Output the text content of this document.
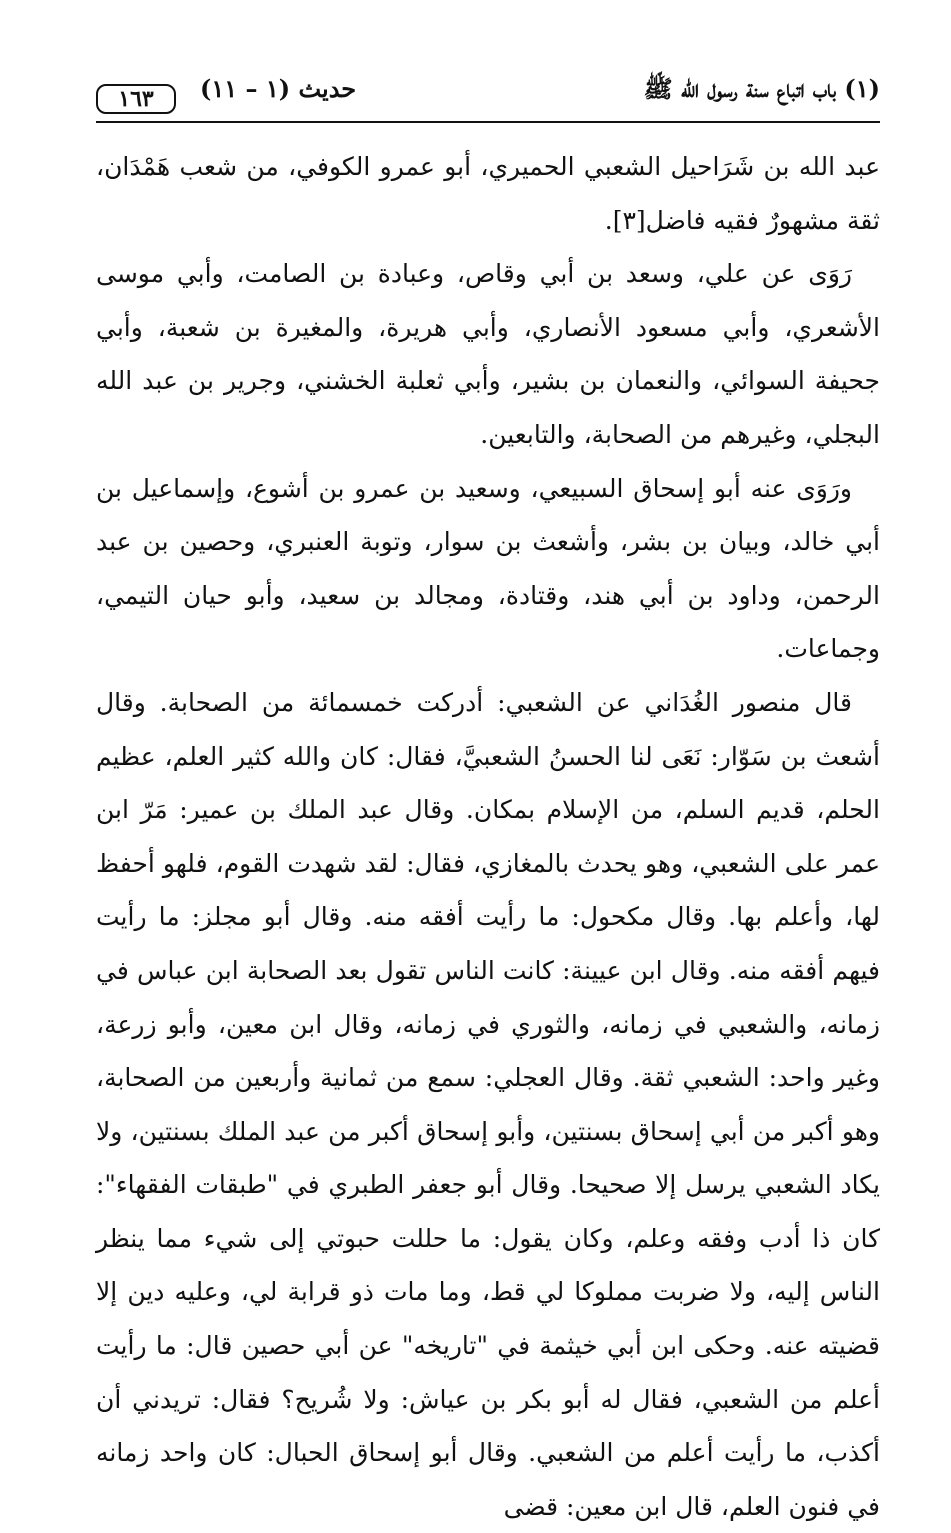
١٦٣	حديث (١ – ١١)	(١) باب اتباع سنة رسول الله ﷺ

عبد الله بن شَرَاحيل الشعبي الحميري، أبو عمرو الكوفي، من شعب هَمْدَان، ثقة مشهورٌ فقيه فاضل[٣].

رَوَى عن علي، وسعد بن أبي وقاص، وعبادة بن الصامت، وأبي موسى الأشعري، وأبي مسعود الأنصاري، وأبي هريرة، والمغيرة بن شعبة، وأبي جحيفة السوائي، والنعمان بن بشير، وأبي ثعلبة الخشني، وجرير بن عبد الله البجلي، وغيرهم من الصحابة، والتابعين.

ورَوَى عنه أبو إسحاق السبيعي، وسعيد بن عمرو بن أشوع، وإسماعيل بن أبي خالد، وبيان بن بشر، وأشعث بن سوار، وتوبة العنبري، وحصين بن عبد الرحمن، وداود بن أبي هند، وقتادة، ومجالد بن سعيد، وأبو حيان التيمي، وجماعات.

قال منصور الغُدَاني عن الشعبي: أدركت خمسمائة من الصحابة. وقال أشعث بن سَوّار: نَعَى لنا الحسنُ الشعبيَّ، فقال: كان والله كثير العلم، عظيم الحلم، قديم السلم، من الإسلام بمكان. وقال عبد الملك بن عمير: مَرّ ابن عمر على الشعبي، وهو يحدث بالمغازي، فقال: لقد شهدت القوم، فلهو أحفظ لها، وأعلم بها. وقال مكحول: ما رأيت أفقه منه. وقال أبو مجلز: ما رأيت فيهم أفقه منه. وقال ابن عيينة: كانت الناس تقول بعد الصحابة ابن عباس في زمانه، والشعبي في زمانه، والثوري في زمانه، وقال ابن معين، وأبو زرعة، وغير واحد: الشعبي ثقة. وقال العجلي: سمع من ثمانية وأربعين من الصحابة، وهو أكبر من أبي إسحاق بسنتين، وأبو إسحاق أكبر من عبد الملك بسنتين، ولا يكاد الشعبي يرسل إلا صحيحا. وقال أبو جعفر الطبري في "طبقات الفقهاء": كان ذا أدب وفقه وعلم، وكان يقول: ما حللت حبوتي إلى شيء مما ينظر الناس إليه، ولا ضربت مملوكا لي قط، وما مات ذو قرابة لي، وعليه دين إلا قضيته عنه. وحكى ابن أبي خيثمة في "تاريخه" عن أبي حصين قال: ما رأيت أعلم من الشعبي، فقال له أبو بكر بن عياش: ولا شُريح؟ فقال: تريدني أن أكذب، ما رأيت أعلم من الشعبي. وقال أبو إسحاق الحبال: كان واحد زمانه في فنون العلم، قال ابن معين: قضى
